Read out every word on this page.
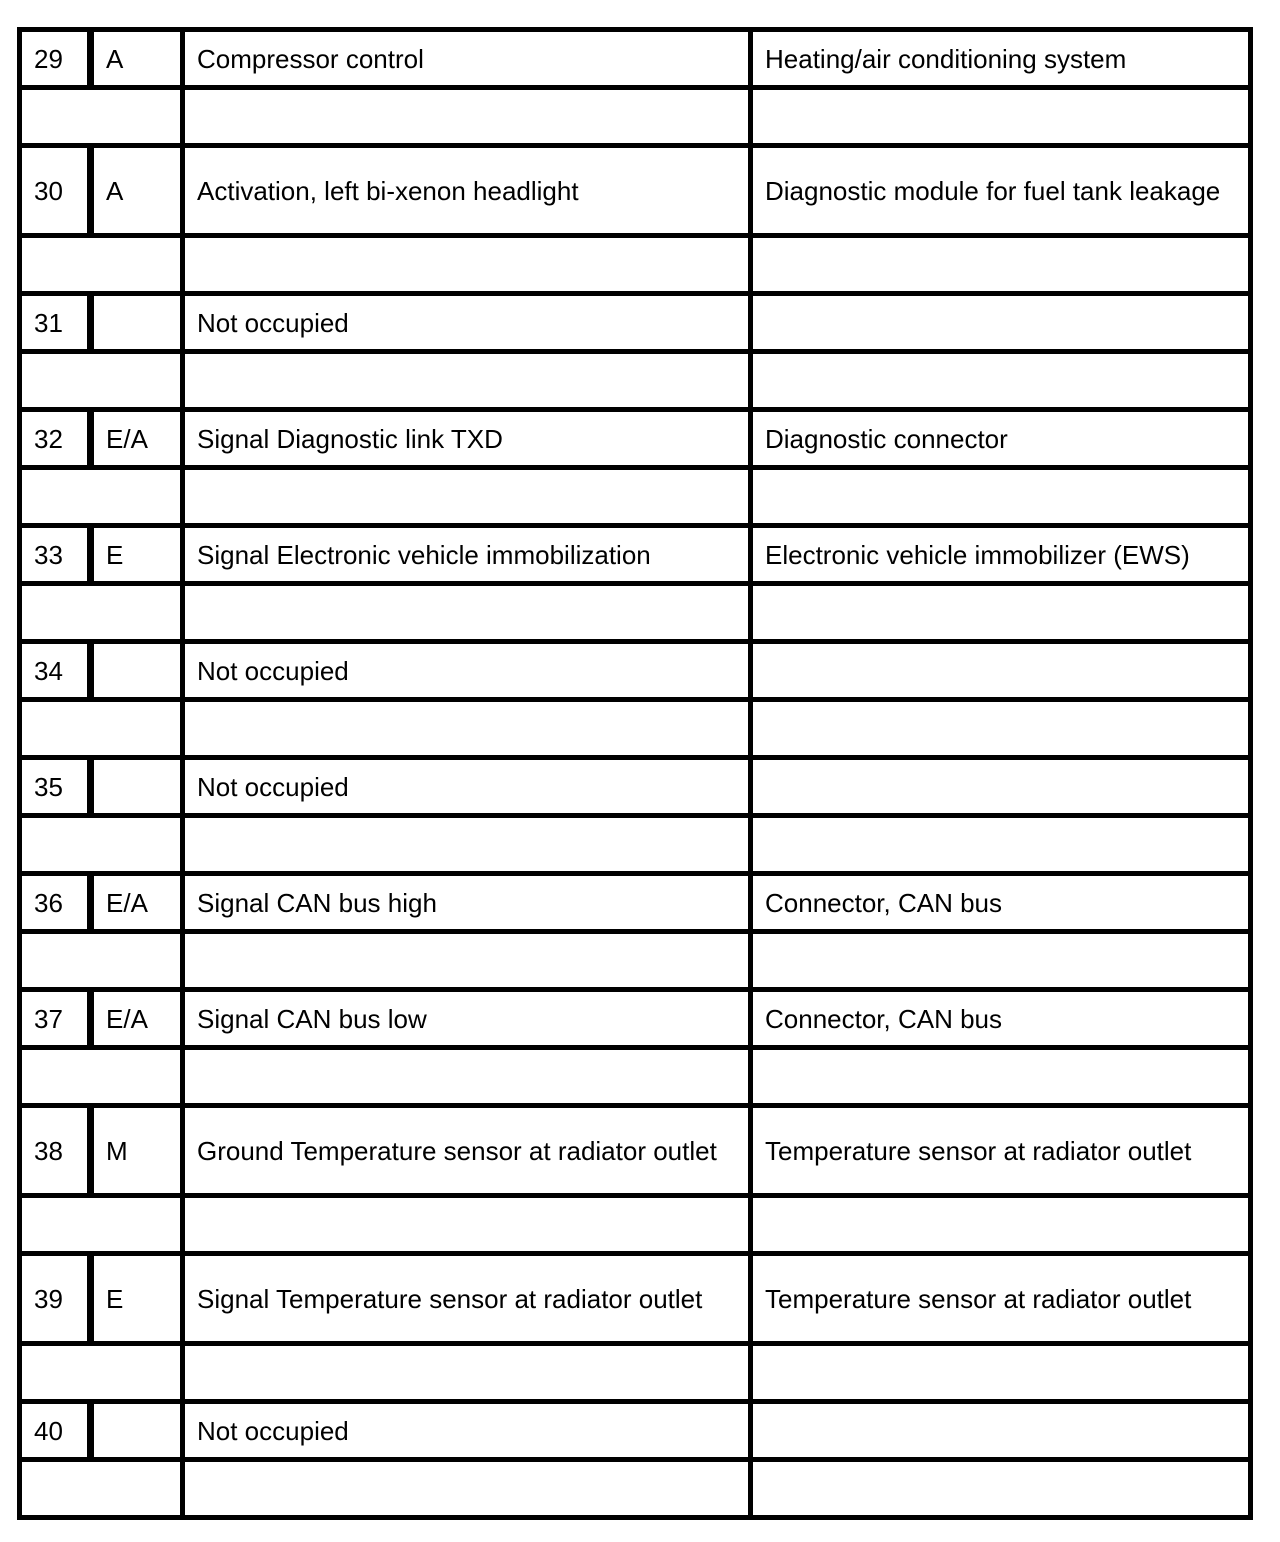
29	A	Compressor control	Heating/air conditioning system

30	A	Activation, left bi-xenon headlight	Diagnostic module for fuel tank leakage

31		Not occupied	

32	E/A	Signal Diagnostic link TXD	Diagnostic connector

33	E	Signal Electronic vehicle immobilization	Electronic vehicle immobilizer (EWS)

34		Not occupied	

35		Not occupied	

36	E/A	Signal CAN bus high	Connector, CAN bus

37	E/A	Signal CAN bus low	Connector, CAN bus

38	M	Ground Temperature sensor at radiator outlet	Temperature sensor at radiator outlet

39	E	Signal Temperature sensor at radiator outlet	Temperature sensor at radiator outlet

40		Not occupied	
